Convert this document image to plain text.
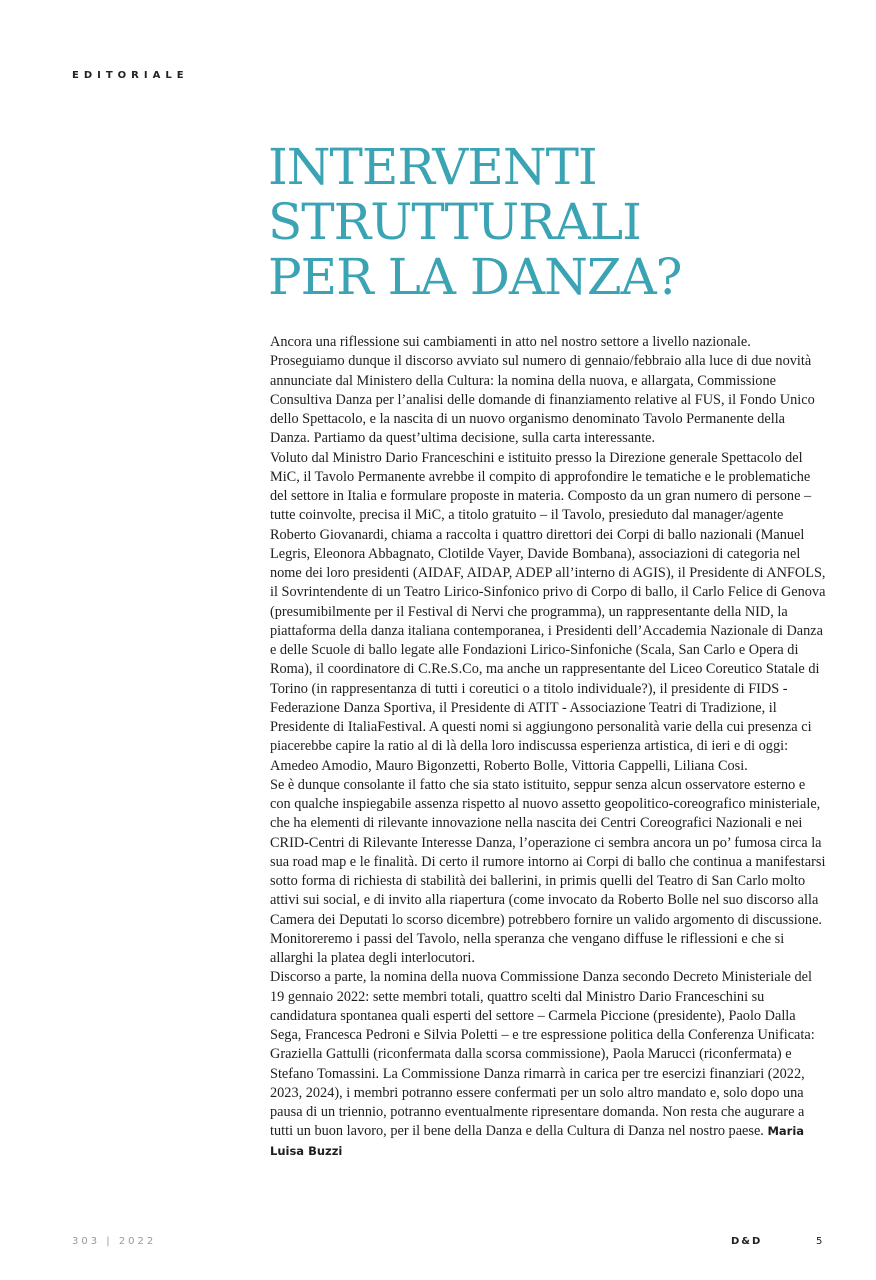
EDITORIALE
INTERVENTI
STRUTTURALI
PER LA DANZA?

Ancora una riflessione sui cambiamenti in atto nel nostro settore a livello nazionale. Proseguiamo dunque il discorso avviato sul numero di gennaio/febbraio alla luce di due novità annunciate dal Ministero della Cultura: la nomina della nuova, e allargata, Commissione Consultiva Danza per l’analisi delle domande di finanziamento relative al FUS, il Fondo Unico dello Spettacolo, e la nascita di un nuovo organismo denominato Tavolo Permanente della Danza. Partiamo da quest’ultima decisione, sulla carta interessante.

Voluto dal Ministro Dario Franceschini e istituito presso la Direzione generale Spettacolo del MiC, il Tavolo Permanente avrebbe il compito di approfondire le tematiche e le problematiche del settore in Italia e formulare proposte in materia. Composto da un gran numero di persone – tutte coinvolte, precisa il MiC, a titolo gratuito – il Tavolo, presieduto dal manager/agente Roberto Giovanardi, chiama a raccolta i quattro direttori dei Corpi di ballo nazionali (Manuel Legris, Eleonora Abbagnato, Clotilde Vayer, Davide Bombana), associazioni di categoria nel nome dei loro presidenti (AIDAF, AIDAP, ADEP all’interno di AGIS), il Presidente di ANFOLS, il Sovrintendente di un Teatro Lirico-Sinfonico privo di Corpo di ballo, il Carlo Felice di Genova (presumibilmente per il Festival di Nervi che programma), un rappresentante della NID, la piattaforma della danza italiana contemporanea, i Presidenti dell’Accademia Nazionale di Danza e delle Scuole di ballo legate alle Fondazioni Lirico-Sinfoniche (Scala, San Carlo e Opera di Roma), il coordinatore di C.Re.S.Co, ma anche un rappresentante del Liceo Coreutico Statale di Torino (in rappresentanza di tutti i coreutici o a titolo individuale?), il presidente di FIDS - Federazione Danza Sportiva, il Presidente di ATIT - Associazione Teatri di Tradizione, il Presidente di ItaliaFestival. A questi nomi si aggiungono personalità varie della cui presenza ci piacerebbe capire la ratio al di là della loro indiscussa esperienza artistica, di ieri e di oggi: Amedeo Amodio, Mauro Bigonzetti, Roberto Bolle, Vittoria Cappelli, Liliana Cosi.

Se è dunque consolante il fatto che sia stato istituito, seppur senza alcun osservatore esterno e con qualche inspiegabile assenza rispetto al nuovo assetto geopolitico-coreografico ministeriale, che ha elementi di rilevante innovazione nella nascita dei Centri Coreografici Nazionali e nei CRID-Centri di Rilevante Interesse Danza, l’operazione ci sembra ancora un po’ fumosa circa la sua road map e le finalità. Di certo il rumore intorno ai Corpi di ballo che continua a manifestarsi sotto forma di richiesta di stabilità dei ballerini, in primis quelli del Teatro di San Carlo molto attivi sui social, e di invito alla riapertura (come invocato da Roberto Bolle nel suo discorso alla Camera dei Deputati lo scorso dicembre) potrebbero fornire un valido argomento di discussione. Monitoreremo i passi del Tavolo, nella speranza che vengano diffuse le riflessioni e che si allarghi la platea degli interlocutori.

Discorso a parte, la nomina della nuova Commissione Danza secondo Decreto Ministeriale del 19 gennaio 2022: sette membri totali, quattro scelti dal Ministro Dario Franceschini su candidatura spontanea quali esperti del settore – Carmela Piccione (presidente), Paolo Dalla Sega, Francesca Pedroni e Silvia Poletti – e tre espressione politica della Conferenza Unificata: Graziella Gattulli (riconfermata dalla scorsa commissione), Paola Marucci (riconfermata) e Stefano Tomassini. La Commissione Danza rimarrà in carica per tre esercizi finanziari (2022, 2023, 2024), i membri potranno essere confermati per un solo altro mandato e, solo dopo una pausa di un triennio, potranno eventualmente ripresentare domanda. Non resta che augurare a tutti un buon lavoro, per il bene della Danza e della Cultura di Danza nel nostro paese. Maria Luisa Buzzi

303 | 2022	D&D	5
